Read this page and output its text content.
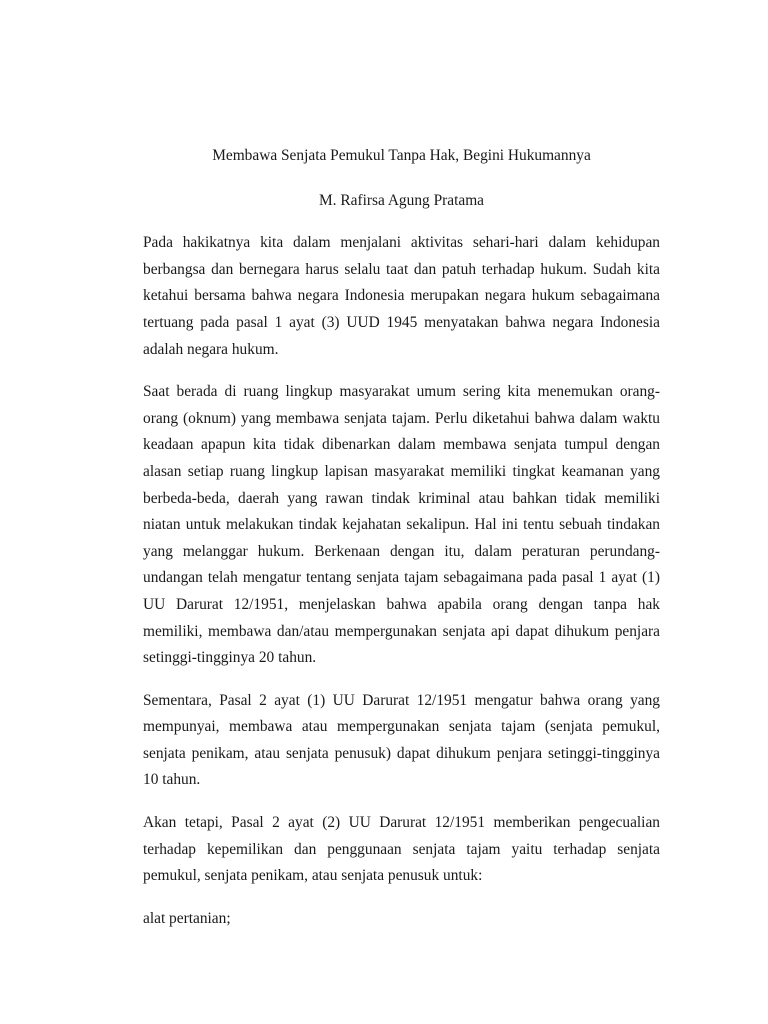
Membawa Senjata Pemukul Tanpa Hak, Begini Hukumannya

M. Rafirsa Agung Pratama

Pada hakikatnya kita dalam menjalani aktivitas sehari-hari dalam kehidupan berbangsa dan bernegara harus selalu taat dan patuh terhadap hukum. Sudah kita ketahui bersama bahwa negara Indonesia merupakan negara hukum sebagaimana tertuang pada pasal 1 ayat (3) UUD 1945 menyatakan bahwa negara Indonesia adalah negara hukum.

Saat berada di ruang lingkup masyarakat umum sering kita menemukan orang-orang (oknum) yang membawa senjata tajam. Perlu diketahui bahwa dalam waktu keadaan apapun kita tidak dibenarkan dalam membawa senjata tumpul dengan alasan setiap ruang lingkup lapisan masyarakat memiliki tingkat keamanan yang berbeda-beda, daerah yang rawan tindak kriminal atau bahkan tidak memiliki niatan untuk melakukan tindak kejahatan sekalipun. Hal ini tentu sebuah tindakan yang melanggar hukum. Berkenaan dengan itu, dalam peraturan perundang-undangan telah mengatur tentang senjata tajam sebagaimana pada pasal 1 ayat (1) UU Darurat 12/1951, menjelaskan bahwa apabila orang dengan tanpa hak memiliki, membawa dan/atau mempergunakan senjata api dapat dihukum penjara setinggi-tingginya 20 tahun.

Sementara, Pasal 2 ayat (1) UU Darurat 12/1951 mengatur bahwa orang yang mempunyai, membawa atau mempergunakan senjata tajam (senjata pemukul, senjata penikam, atau senjata penusuk) dapat dihukum penjara setinggi-tingginya 10 tahun.

Akan tetapi, Pasal 2 ayat (2) UU Darurat 12/1951 memberikan pengecualian terhadap kepemilikan dan penggunaan senjata tajam yaitu terhadap senjata pemukul, senjata penikam, atau senjata penusuk untuk:

alat pertanian;
